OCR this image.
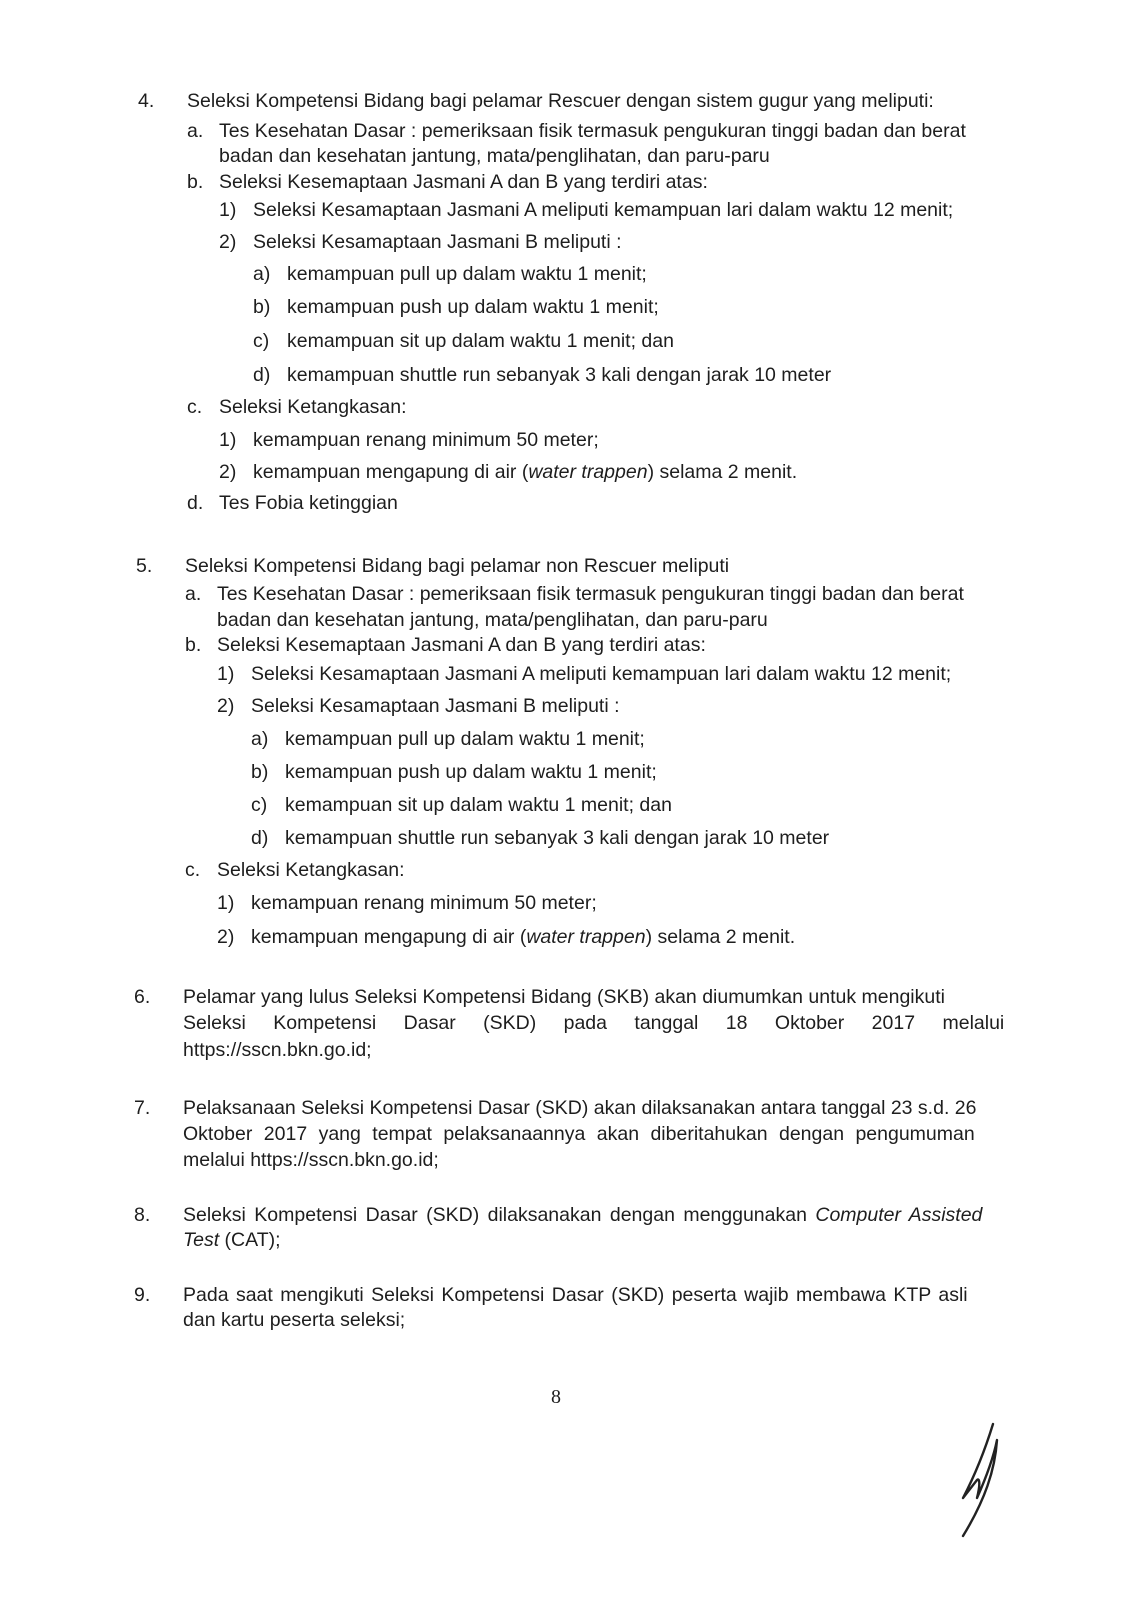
4. Seleksi Kompetensi Bidang bagi pelamar Rescuer dengan sistem gugur yang meliputi:
a. Tes Kesehatan Dasar : pemeriksaan fisik termasuk pengukuran tinggi badan dan berat
badan dan kesehatan jantung, mata/penglihatan, dan paru-paru
b. Seleksi Kesemaptaan Jasmani A dan B yang terdiri atas:
1) Seleksi Kesamaptaan Jasmani A meliputi kemampuan lari dalam waktu 12 menit;
2) Seleksi Kesamaptaan Jasmani B meliputi :
a) kemampuan pull up dalam waktu 1 menit;
b) kemampuan push up dalam waktu 1 menit;
c) kemampuan sit up dalam waktu 1 menit; dan
d) kemampuan shuttle run sebanyak 3 kali dengan jarak 10 meter
c. Seleksi Ketangkasan:
1) kemampuan renang minimum 50 meter;
2) kemampuan mengapung di air (water trappen) selama 2 menit.
d. Tes Fobia ketinggian
5. Seleksi Kompetensi Bidang bagi pelamar non Rescuer meliputi
a. Tes Kesehatan Dasar : pemeriksaan fisik termasuk pengukuran tinggi badan dan berat
badan dan kesehatan jantung, mata/penglihatan, dan paru-paru
b. Seleksi Kesemaptaan Jasmani A dan B yang terdiri atas:
1) Seleksi Kesamaptaan Jasmani A meliputi kemampuan lari dalam waktu 12 menit;
2) Seleksi Kesamaptaan Jasmani B meliputi :
a) kemampuan pull up dalam waktu 1 menit;
b) kemampuan push up dalam waktu 1 menit;
c) kemampuan sit up dalam waktu 1 menit; dan
d) kemampuan shuttle run sebanyak 3 kali dengan jarak 10 meter
c. Seleksi Ketangkasan:
1) kemampuan renang minimum 50 meter;
2) kemampuan mengapung di air (water trappen) selama 2 menit.
6. Pelamar yang lulus Seleksi Kompetensi Bidang (SKB) akan diumumkan untuk mengikuti
Seleksi Kompetensi Dasar (SKD) pada tanggal 18 Oktober 2017 melalui
https://sscn.bkn.go.id;
7. Pelaksanaan Seleksi Kompetensi Dasar (SKD) akan dilaksanakan antara tanggal 23 s.d. 26
Oktober 2017 yang tempat pelaksanaannya akan diberitahukan dengan pengumuman
melalui https://sscn.bkn.go.id;
8. Seleksi Kompetensi Dasar (SKD) dilaksanakan dengan menggunakan Computer Assisted
Test (CAT);
9. Pada saat mengikuti Seleksi Kompetensi Dasar (SKD) peserta wajib membawa KTP asli
dan kartu peserta seleksi;
8
